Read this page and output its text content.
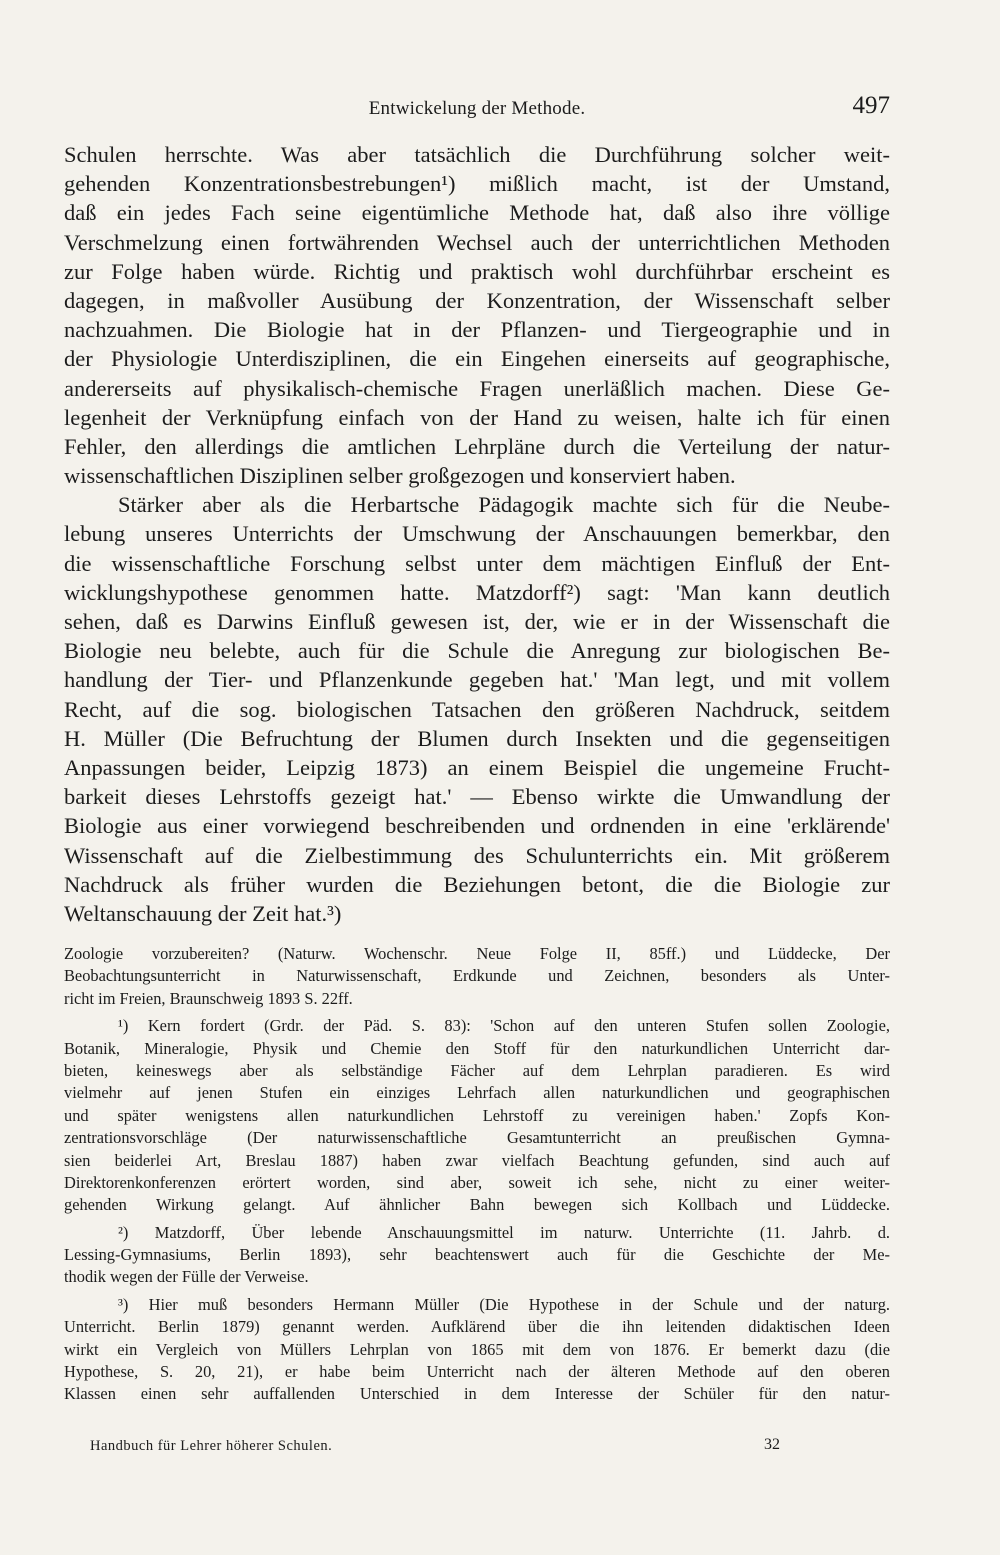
Entwickelung der Methode.	497
Schulen herrschte. Was aber tatsächlich die Durchführung solcher weit-
gehenden Konzentrationsbestrebungen¹) mißlich macht, ist der Umstand,
daß ein jedes Fach seine eigentümliche Methode hat, daß also ihre völlige
Verschmelzung einen fortwährenden Wechsel auch der unterrichtlichen Methoden
zur Folge haben würde. Richtig und praktisch wohl durchführbar erscheint es
dagegen, in maßvoller Ausübung der Konzentration, der Wissenschaft selber
nachzuahmen. Die Biologie hat in der Pflanzen- und Tiergeographie und in
der Physiologie Unterdisziplinen, die ein Eingehen einerseits auf geographische,
andererseits auf physikalisch-chemische Fragen unerläßlich machen. Diese Ge-
legenheit der Verknüpfung einfach von der Hand zu weisen, halte ich für einen
Fehler, den allerdings die amtlichen Lehrpläne durch die Verteilung der natur-
wissenschaftlichen Disziplinen selber großgezogen und konserviert haben.
Stärker aber als die Herbartsche Pädagogik machte sich für die Neube-
lebung unseres Unterrichts der Umschwung der Anschauungen bemerkbar, den
die wissenschaftliche Forschung selbst unter dem mächtigen Einfluß der Ent-
wicklungshypothese genommen hatte. Matzdorff²) sagt: 'Man kann deutlich
sehen, daß es Darwins Einfluß gewesen ist, der, wie er in der Wissenschaft die
Biologie neu belebte, auch für die Schule die Anregung zur biologischen Be-
handlung der Tier- und Pflanzenkunde gegeben hat.' 'Man legt, und mit vollem
Recht, auf die sog. biologischen Tatsachen den größeren Nachdruck, seitdem
H. Müller (Die Befruchtung der Blumen durch Insekten und die gegenseitigen
Anpassungen beider, Leipzig 1873) an einem Beispiel die ungemeine Frucht-
barkeit dieses Lehrstoffs gezeigt hat.' — Ebenso wirkte die Umwandlung der
Biologie aus einer vorwiegend beschreibenden und ordnenden in eine 'erklärende'
Wissenschaft auf die Zielbestimmung des Schulunterrichts ein. Mit größerem
Nachdruck als früher wurden die Beziehungen betont, die die Biologie zur
Weltanschauung der Zeit hat.³)
Zoologie vorzubereiten? (Naturw. Wochenschr. Neue Folge II, 85ff.) und Lüddecke, Der
Beobachtungsunterricht in Naturwissenschaft, Erdkunde und Zeichnen, besonders als Unter-
richt im Freien, Braunschweig 1893 S. 22ff.
¹) Kern fordert (Grdr. der Päd. S. 83): 'Schon auf den unteren Stufen sollen Zoologie,
Botanik, Mineralogie, Physik und Chemie den Stoff für den naturkundlichen Unterricht dar-
bieten, keineswegs aber als selbständige Fächer auf dem Lehrplan paradieren. Es wird
vielmehr auf jenen Stufen ein einziges Lehrfach allen naturkundlichen und geographischen
und später wenigstens allen naturkundlichen Lehrstoff zu vereinigen haben.' Zopfs Kon-
zentrationsvorschläge (Der naturwissenschaftliche Gesamtunterricht an preußischen Gymna-
sien beiderlei Art, Breslau 1887) haben zwar vielfach Beachtung gefunden, sind auch auf
Direktorenkonferenzen erörtert worden, sind aber, soweit ich sehe, nicht zu einer weiter-
gehenden Wirkung gelangt. Auf ähnlicher Bahn bewegen sich Kollbach und Lüddecke.
²) Matzdorff, Über lebende Anschauungsmittel im naturw. Unterrichte (11. Jahrb. d.
Lessing-Gymnasiums, Berlin 1893), sehr beachtenswert auch für die Geschichte der Me-
thodik wegen der Fülle der Verweise.
³) Hier muß besonders Hermann Müller (Die Hypothese in der Schule und der naturg.
Unterricht. Berlin 1879) genannt werden. Aufklärend über die ihn leitenden didaktischen Ideen
wirkt ein Vergleich von Müllers Lehrplan von 1865 mit dem von 1876. Er bemerkt dazu (die
Hypothese, S. 20, 21), er habe beim Unterricht nach der älteren Methode auf den oberen
Klassen einen sehr auffallenden Unterschied in dem Interesse der Schüler für den natur-
Handbuch für Lehrer höherer Schulen.	32
